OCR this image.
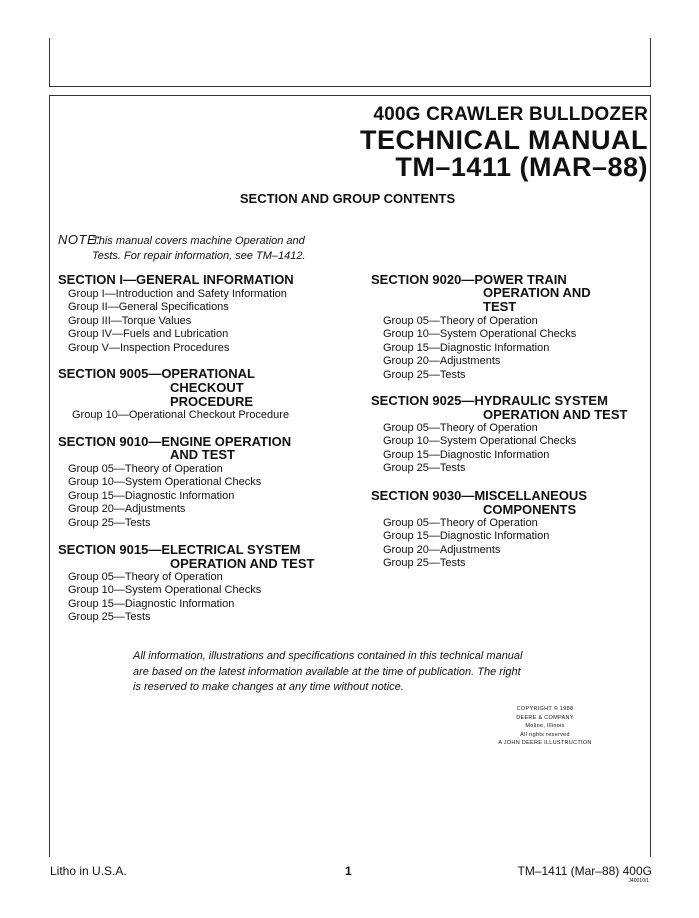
400G CRAWLER BULLDOZER
TECHNICAL MANUAL
TM–1411 (MAR–88)
SECTION AND GROUP CONTENTS
NOTE:
This manual covers machine Operation and
Tests. For repair information, see TM–1412.
SECTION I—GENERAL INFORMATION
Group I—Introduction and Safety Information
Group II—General Specifications
Group III—Torque Values
Group IV—Fuels and Lubrication
Group V—Inspection Procedures
SECTION 9005—OPERATIONAL
CHECKOUT
PROCEDURE
Group 10—Operational Checkout Procedure
SECTION 9010—ENGINE OPERATION
AND TEST
Group 05—Theory of Operation
Group 10—System Operational Checks
Group 15—Diagnostic Information
Group 20—Adjustments
Group 25—Tests
SECTION 9015—ELECTRICAL SYSTEM
OPERATION AND TEST
Group 05—Theory of Operation
Group 10—System Operational Checks
Group 15—Diagnostic Information
Group 25—Tests
SECTION 9020—POWER TRAIN
OPERATION AND
TEST
Group 05—Theory of Operation
Group 10—System Operational Checks
Group 15—Diagnostic Information
Group 20—Adjustments
Group 25—Tests
SECTION 9025—HYDRAULIC SYSTEM
OPERATION AND TEST
Group 05—Theory of Operation
Group 10—System Operational Checks
Group 15—Diagnostic Information
Group 25—Tests
SECTION 9030—MISCELLANEOUS
COMPONENTS
Group 05—Theory of Operation
Group 15—Diagnostic Information
Group 20—Adjustments
Group 25—Tests
All information, illustrations and specifications contained in this technical manual
are based on the latest information available at the time of publication. The right
is reserved to make changes at any time without notice.
COPYRIGHT © 1988
DEERE & COMPANY
Moline, Illinois
All rights reserved
A JOHN DEERE ILLUSTRUCTION
Litho in U.S.A.	1	TM–1411 (Mar–88) 400G
J40010/1
